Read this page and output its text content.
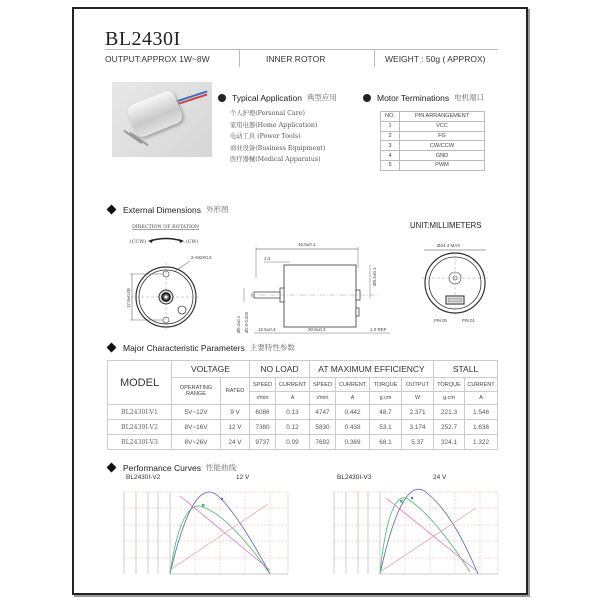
BL2430I
OUTPUT:APPROX 1W~8W	INNER ROTOR	WEIGHT : 50g ( APPROX)
Typical Application 典型应用
个人护理(Personal Care)
家用电器(Home Application)
电动工具 (Power Tools)
商业设备(Business Equipment)
医疗器械(Medical Apparatus)
Motor Terminations 电机端口
NO.	PIN ARRANGEMENT
1	VCC
2	FG
3	CW/CCW
4	GND
5	PWM
External Dimensions 外形图
UNIT:MILLIMETERS
DIRECTION OF ROTATION
(CCW)	(CW)
2~M2X0.5
17.0±0.05
45.5±0.1
1.4
Ø8.4±0.1
Ø6.4±0.1 Ø2.0-0.005 12.5±0.3	30.8±0.3	1.0 REF
Ø24.4 MAX
PIN 05	PIN 01
Major Characteristic Parameters 主要特性参数
MODEL	VOLTAGE		NO LOAD		AT MAXIMUM EFFICIENCY				STALL	
	OPERATING RANGE	RATED	SPEED	CURRENT	SPEED	CURRENT	TORQUE	OUTPUT	TORQUE	CURRENT
			r/min	A	r/min	A	g.cm	W	g.cm	A
BL2430I-V1	5V~12V	9 V	6086	0.13	4747	0.442	48.7	2.371	221.3	1.546
BL2430I-V2	8V~16V	12 V	7380	0.12	5830	0.438	53.1	3.174	252.7	1.636
BL2430I-V3	8V~26V	24 V	9737	0.09	7692	0.369	68.1	5.37	324.1	1.322
Performance Curves 性能曲线
BL2430I-V2	12 V	BL2430I-V3	24 V
